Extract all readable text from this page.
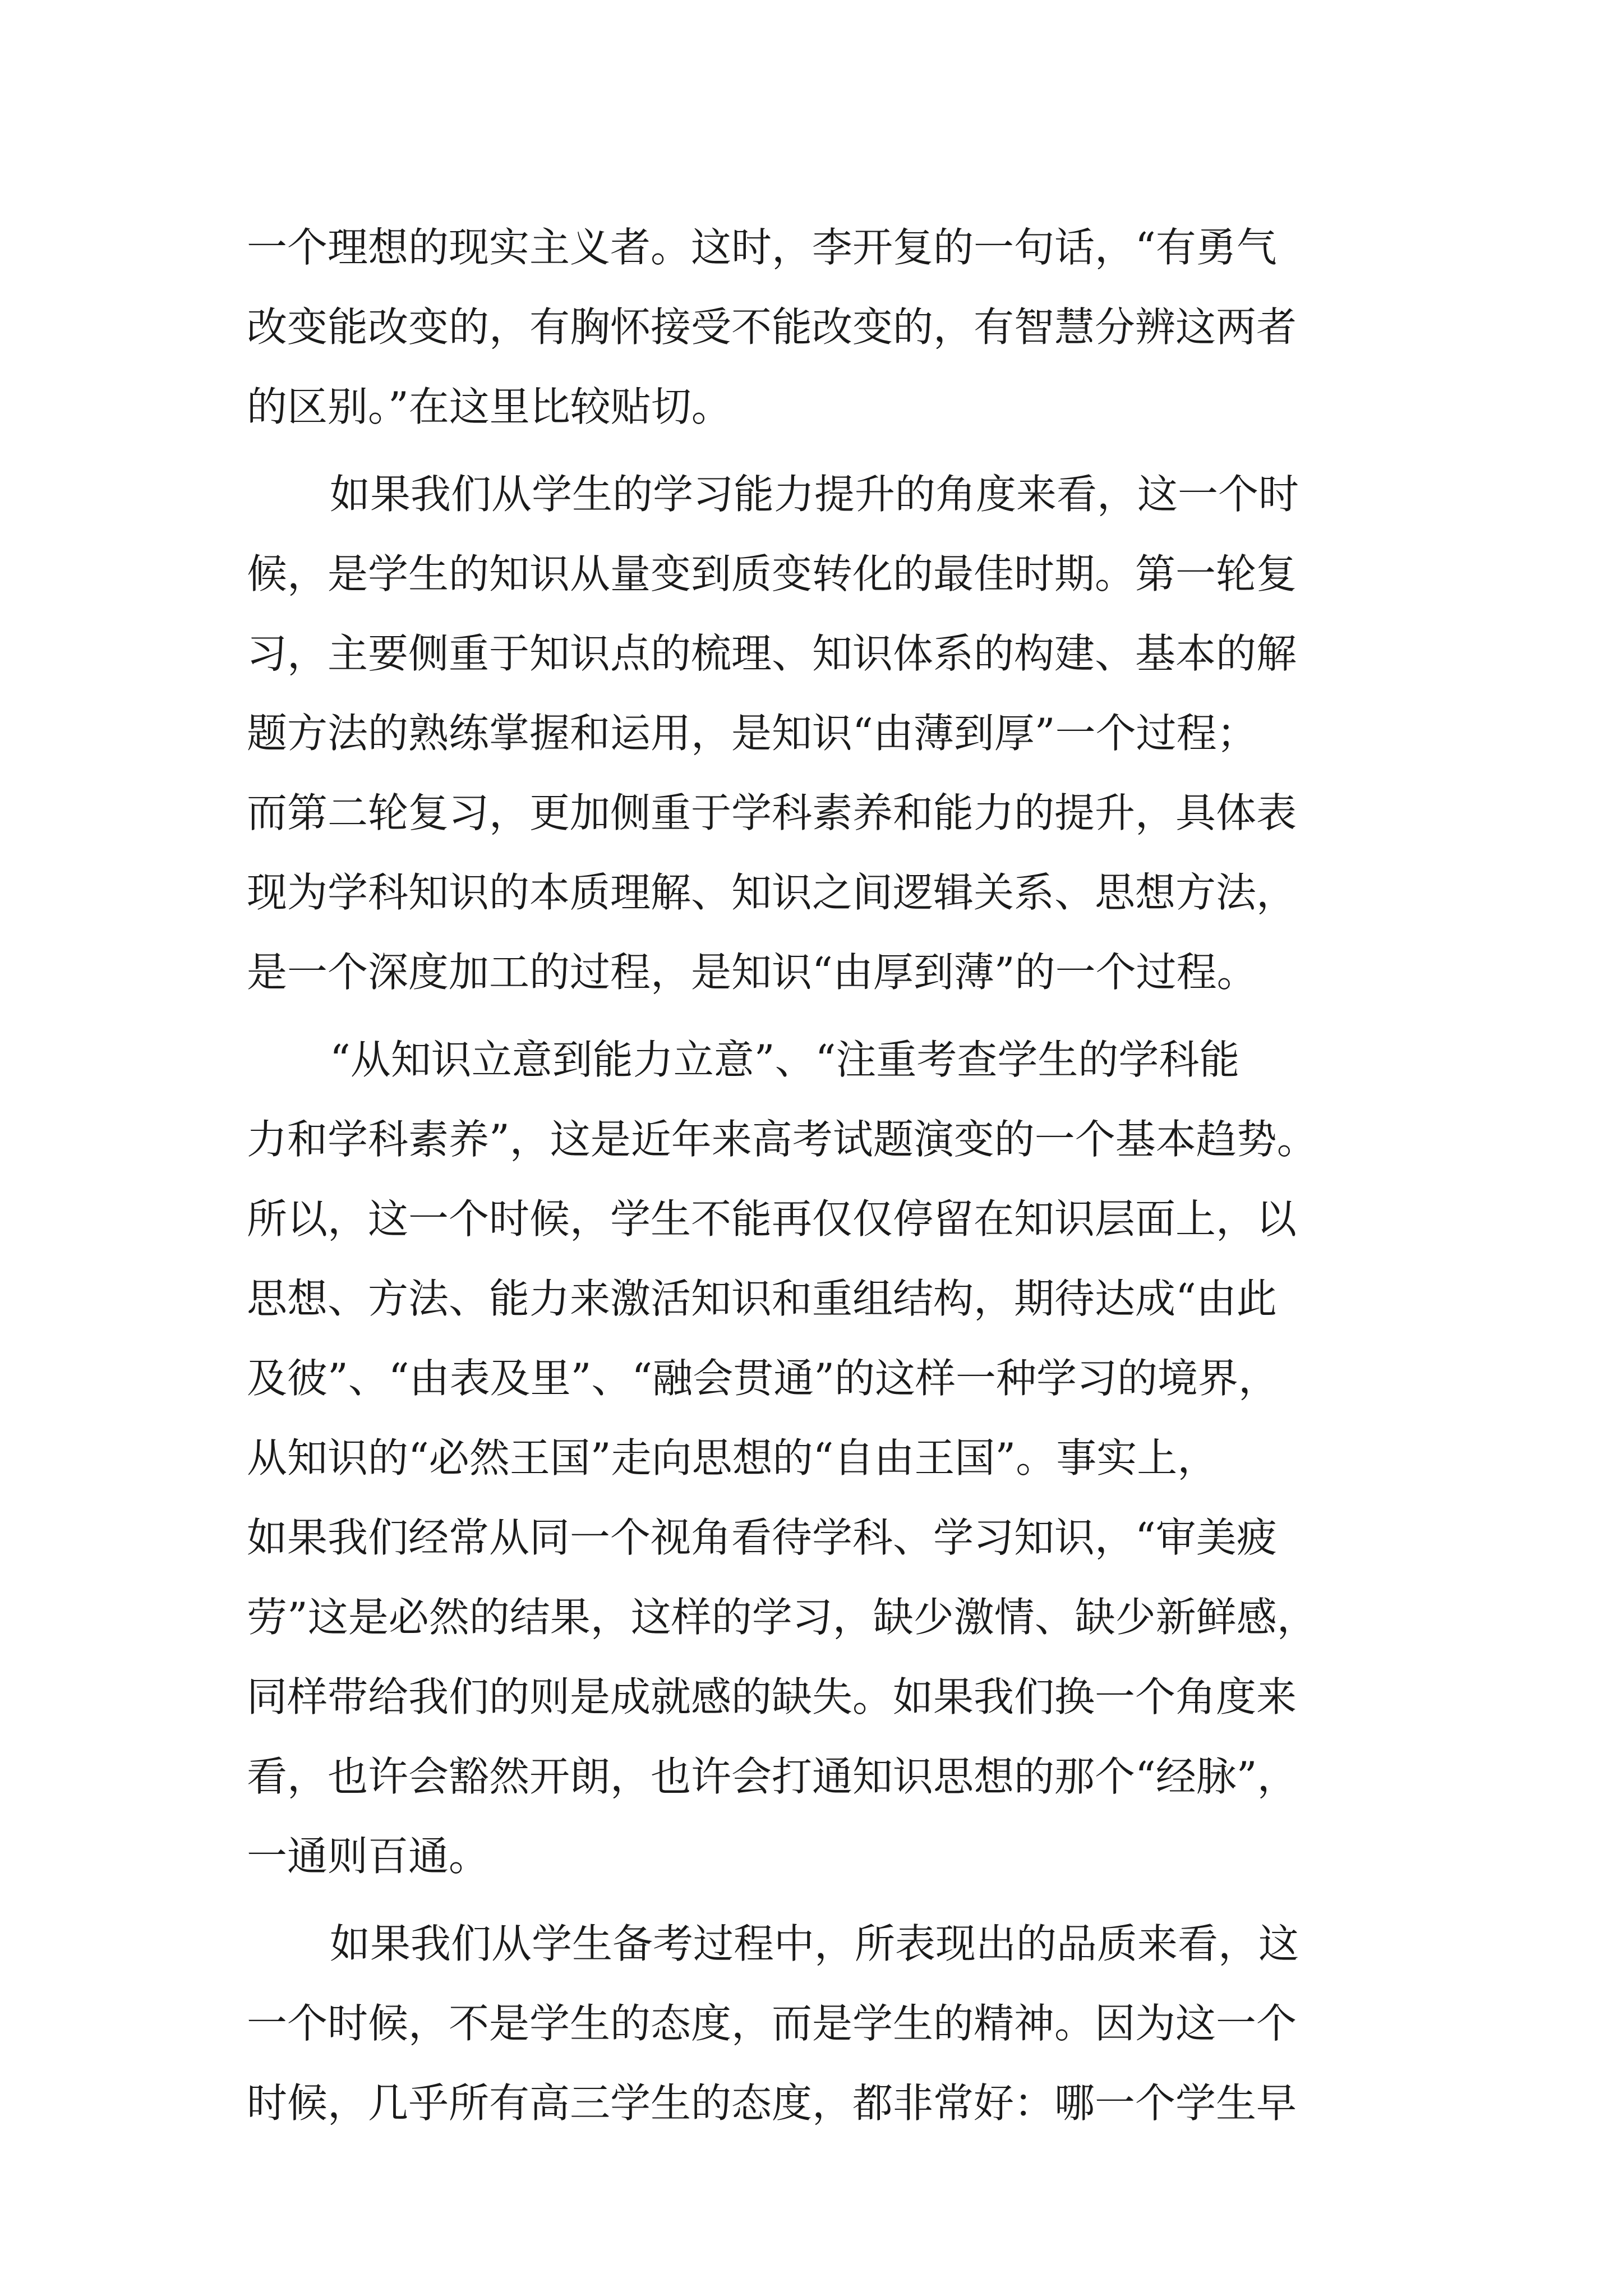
一个理想的现实主义者。这时，李开复的一句话，“有勇气
改变能改变的，有胸怀接受不能改变的，有智慧分辨这两者
的区别。”在这里比较贴切。
如果我们从学生的学习能力提升的角度来看，这一个时
候，是学生的知识从量变到质变转化的最佳时期。第一轮复
习，主要侧重于知识点的梳理、知识体系的构建、基本的解
题方法的熟练掌握和运用，是知识“由薄到厚”一个过程；
而第二轮复习，更加侧重于学科素养和能力的提升，具体表
现为学科知识的本质理解、知识之间逻辑关系、思想方法，
是一个深度加工的过程，是知识“由厚到薄”的一个过程。
“从知识立意到能力立意”、“注重考查学生的学科能
力和学科素养”，这是近年来高考试题演变的一个基本趋势。
所以，这一个时候，学生不能再仅仅停留在知识层面上，以
思想、方法、能力来激活知识和重组结构，期待达成“由此
及彼”、“由表及里”、“融会贯通”的这样一种学习的境界，
从知识的“必然王国”走向思想的“自由王国”。事实上，
如果我们经常从同一个视角看待学科、学习知识，“审美疲
劳”这是必然的结果，这样的学习，缺少激情、缺少新鲜感，
同样带给我们的则是成就感的缺失。如果我们换一个角度来
看，也许会豁然开朗，也许会打通知识思想的那个“经脉”，
一通则百通。
如果我们从学生备考过程中，所表现出的品质来看，这
一个时候，不是学生的态度，而是学生的精神。因为这一个
时候，几乎所有高三学生的态度，都非常好：哪一个学生早
